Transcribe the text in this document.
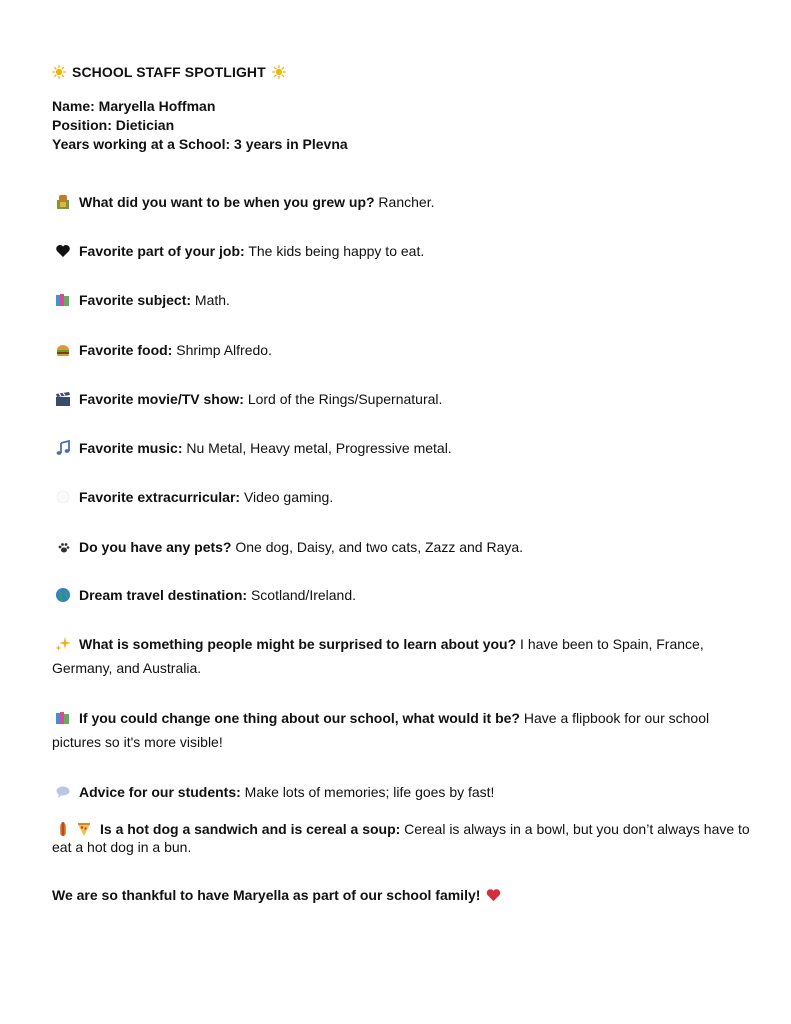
SCHOOL STAFF SPOTLIGHT
Name: Maryella Hoffman
Position: Dietician
Years working at a School: 3 years in Plevna
What did you want to be when you grew up? Rancher.
Favorite part of your job: The kids being happy to eat.
Favorite subject: Math.
Favorite food: Shrimp Alfredo.
Favorite movie/TV show: Lord of the Rings/Supernatural.
Favorite music: Nu Metal, Heavy metal, Progressive metal.
Favorite extracurricular: Video gaming.
Do you have any pets? One dog, Daisy, and two cats, Zazz and Raya.
Dream travel destination: Scotland/Ireland.
What is something people might be surprised to learn about you? I have been to Spain, France, Germany, and Australia.
If you could change one thing about our school, what would it be? Have a flipbook for our school pictures so it's more visible!
Advice for our students: Make lots of memories; life goes by fast!
Is a hot dog a sandwich and is cereal a soup: Cereal is always in a bowl, but you don’t always have to eat a hot dog in a bun.
We are so thankful to have Maryella as part of our school family!
